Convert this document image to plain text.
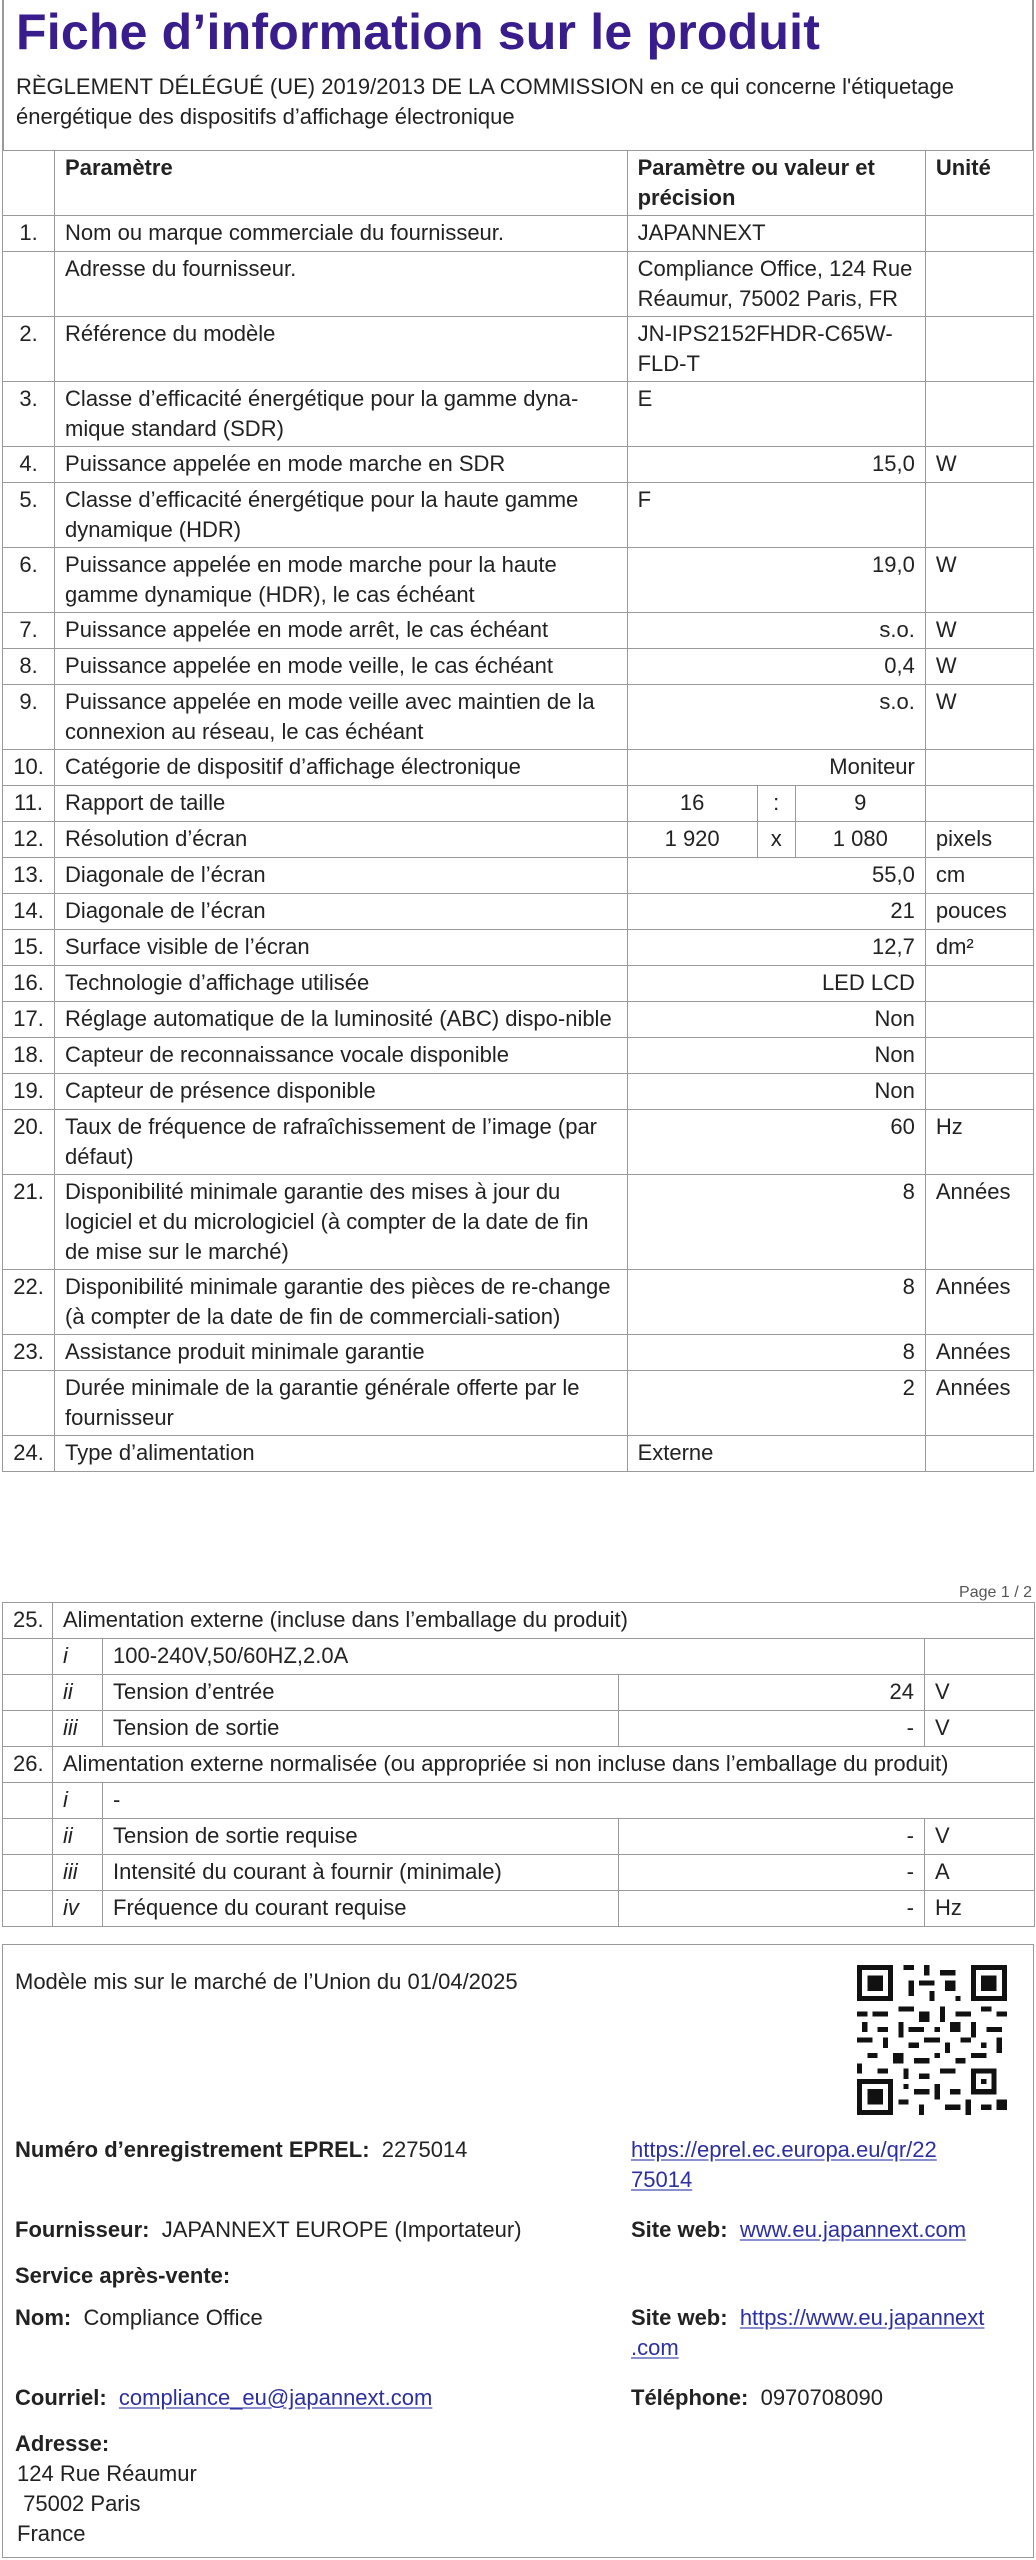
Fiche d’information sur le produit
RÈGLEMENT DÉLÉGUÉ (UE) 2019/2013 DE LA COMMISSION en ce qui concerne l'étiquetage énergétique des dispositifs d’affichage électronique
	Paramètre	Paramètre ou valeur et précision			Unité
1.	Nom ou marque commerciale du fournisseur.	JAPANNEXT			
	Adresse du fournisseur.	Compliance Office, 124 Rue Réaumur, 75002 Paris, FR			
2.	Référence du modèle	JN-IPS2152FHDR-C65W-FLD-T			
3.	Classe d’efficacité énergétique pour la gamme dyna-mique standard (SDR)	E			
4.	Puissance appelée en mode marche en SDR	15,0			W
5.	Classe d’efficacité énergétique pour la haute gamme dynamique (HDR)	F			
6.	Puissance appelée en mode marche pour la haute gamme dynamique (HDR), le cas échéant	19,0			W
7.	Puissance appelée en mode arrêt, le cas échéant	s.o.			W
8.	Puissance appelée en mode veille, le cas échéant	0,4			W
9.	Puissance appelée en mode veille avec maintien de la connexion au réseau, le cas échéant	s.o.			W
10.	Catégorie de dispositif d’affichage électronique	Moniteur			
11.	Rapport de taille	16	:	9	
12.	Résolution d’écran	1 920	x	1 080	pixels
13.	Diagonale de l’écran	55,0			cm
14.	Diagonale de l’écran	21			pouces
15.	Surface visible de l’écran	12,7			dm²
16.	Technologie d’affichage utilisée	LED LCD			
17.	Réglage automatique de la luminosité (ABC) dispo-nible	Non			
18.	Capteur de reconnaissance vocale disponible	Non			
19.	Capteur de présence disponible	Non			
20.	Taux de fréquence de rafraîchissement de l’image (par défaut)	60			Hz
21.	Disponibilité minimale garantie des mises à jour du logiciel et du micrologiciel (à compter de la date de fin de mise sur le marché)	8			Années
22.	Disponibilité minimale garantie des pièces de re-change (à compter de la date de fin de commerciali-sation)	8			Années
23.	Assistance produit minimale garantie	8			Années
	Durée minimale de la garantie générale offerte par le fournisseur	2			Années
24.	Type d’alimentation	Externe			
Page 1 / 2
25.	Alimentation externe (incluse dans l’emballage du produit)			
	i	100-240V,50/60HZ,2.0A		
	ii	Tension d’entrée	24	V
	iii	Tension de sortie	-	V
26.	Alimentation externe normalisée (ou appropriée si non incluse dans l’emballage du produit)			
	i	-		
	ii	Tension de sortie requise	-	V
	iii	Intensité du courant à fournir (minimale)	-	A
	iv	Fréquence du courant requise	-	Hz
Modèle mis sur le marché de l’Union du 01/04/2025
Numéro d’enregistrement EPREL: 2275014	https://eprel.ec.europa.eu/qr/22
75014
Fournisseur: JAPANNEXT EUROPE (Importateur)	Site web: www.eu.japannext.com
Service après-vente:
Nom: Compliance Office	Site web: https://www.eu.japannext
.com
Courriel: compliance_eu@japannext.com	Téléphone: 0970708090
Adresse:
124 Rue Réaumur
75002 Paris
France
